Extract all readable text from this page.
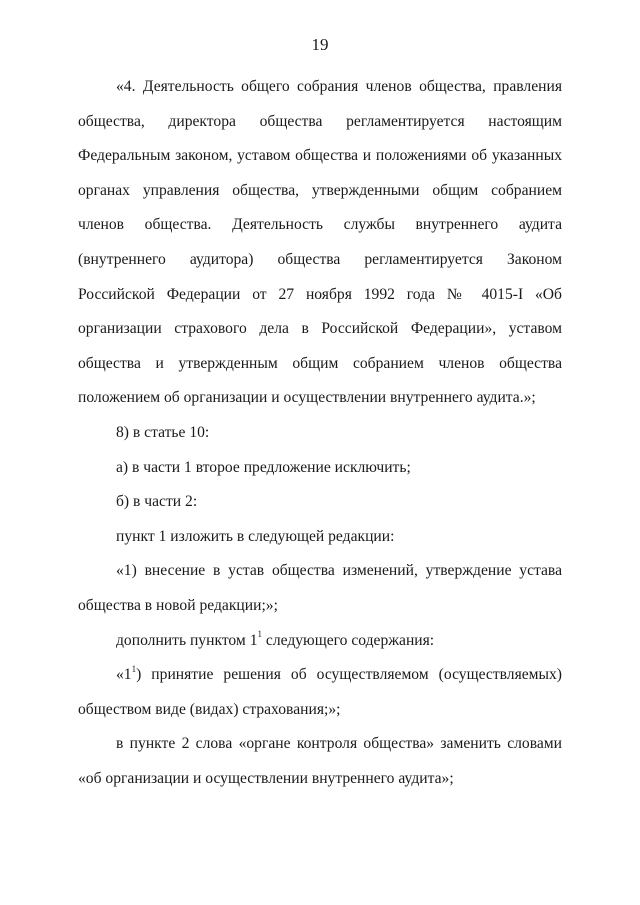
19

«4. Деятельность общего собрания членов общества, правления общества, директора общества регламентируется настоящим Федеральным законом, уставом общества и положениями об указанных органах управления общества, утвержденными общим собранием членов общества. Деятельность службы внутреннего аудита (внутреннего аудитора) общества регламентируется Законом Российской Федерации от 27 ноября 1992 года № 4015-I «Об организации страхового дела в Российской Федерации», уставом общества и утвержденным общим собранием членов общества положением об организации и осуществлении внутреннего аудита.»;

8) в статье 10:

а) в части 1 второе предложение исключить;

б) в части 2:

пункт 1 изложить в следующей редакции:

«1) внесение в устав общества изменений, утверждение устава общества в новой редакции;»;

дополнить пунктом $1^1$ следующего содержания:

«$1^1$) принятие решения об осуществляемом (осуществляемых) обществом виде (видах) страхования;»;

в пункте 2 слова «органе контроля общества» заменить словами «об организации и осуществлении внутреннего аудита»;
